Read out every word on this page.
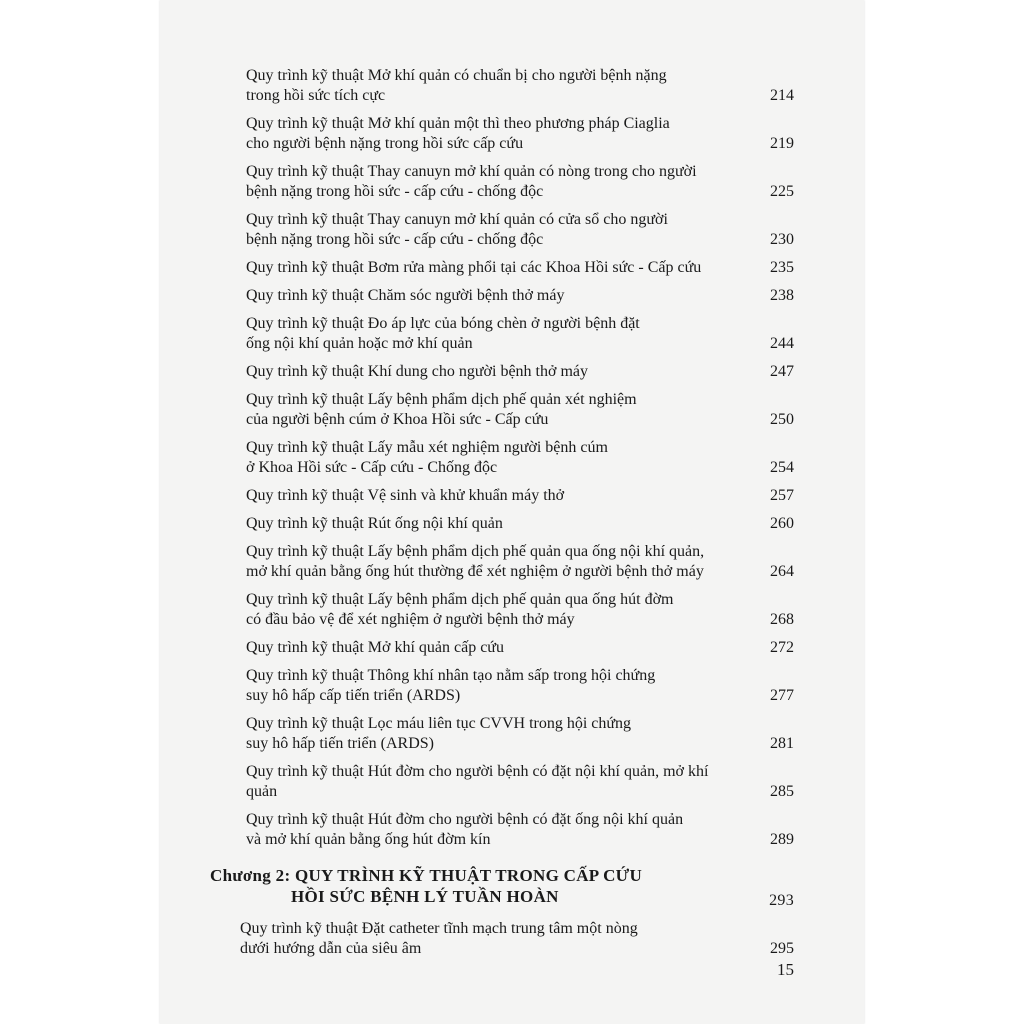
Quy trình kỹ thuật Mở khí quản có chuẩn bị cho người bệnh nặng
trong hồi sức tích cực	214
Quy trình kỹ thuật Mở khí quản một thì theo phương pháp Ciaglia
cho người bệnh nặng trong hồi sức cấp cứu	219
Quy trình kỹ thuật Thay canuyn mở khí quản có nòng trong cho người
bệnh nặng trong hồi sức - cấp cứu - chống độc	225
Quy trình kỹ thuật Thay canuyn mở khí quản có cửa sổ cho người
bệnh nặng trong hồi sức - cấp cứu - chống độc	230
Quy trình kỹ thuật Bơm rửa màng phổi tại các Khoa Hồi sức - Cấp cứu	235
Quy trình kỹ thuật Chăm sóc người bệnh thở máy	238
Quy trình kỹ thuật Đo áp lực của bóng chèn ở người bệnh đặt
ống nội khí quản hoặc mở khí quản	244
Quy trình kỹ thuật Khí dung cho người bệnh thở máy	247
Quy trình kỹ thuật Lấy bệnh phẩm dịch phế quản xét nghiệm
của người bệnh cúm ở Khoa Hồi sức - Cấp cứu	250
Quy trình kỹ thuật Lấy mẫu xét nghiệm người bệnh cúm
ở Khoa Hồi sức - Cấp cứu - Chống độc	254
Quy trình kỹ thuật Vệ sinh và khử khuẩn máy thở	257
Quy trình kỹ thuật Rút ống nội khí quản	260
Quy trình kỹ thuật Lấy bệnh phẩm dịch phế quản qua ống nội khí quản,
mở khí quản bằng ống hút thường để xét nghiệm ở người bệnh thở máy	264
Quy trình kỹ thuật Lấy bệnh phẩm dịch phế quản qua ống hút đờm
có đầu bảo vệ để xét nghiệm ở người bệnh thở máy	268
Quy trình kỹ thuật Mở khí quản cấp cứu	272
Quy trình kỹ thuật Thông khí nhân tạo nằm sấp trong hội chứng
suy hô hấp cấp tiến triển (ARDS)	277
Quy trình kỹ thuật Lọc máu liên tục CVVH trong hội chứng
suy hô hấp tiến triển (ARDS)	281
Quy trình kỹ thuật Hút đờm cho người bệnh có đặt nội khí quản, mở khí quản	285
Quy trình kỹ thuật Hút đờm cho người bệnh có đặt ống nội khí quản
và mở khí quản bằng ống hút đờm kín	289
Chương 2: QUY TRÌNH KỸ THUẬT TRONG CẤP CỨU
HỒI SỨC BỆNH LÝ TUẦN HOÀN	293
Quy trình kỹ thuật Đặt catheter tĩnh mạch trung tâm một nòng
dưới hướng dẫn của siêu âm	295
15
